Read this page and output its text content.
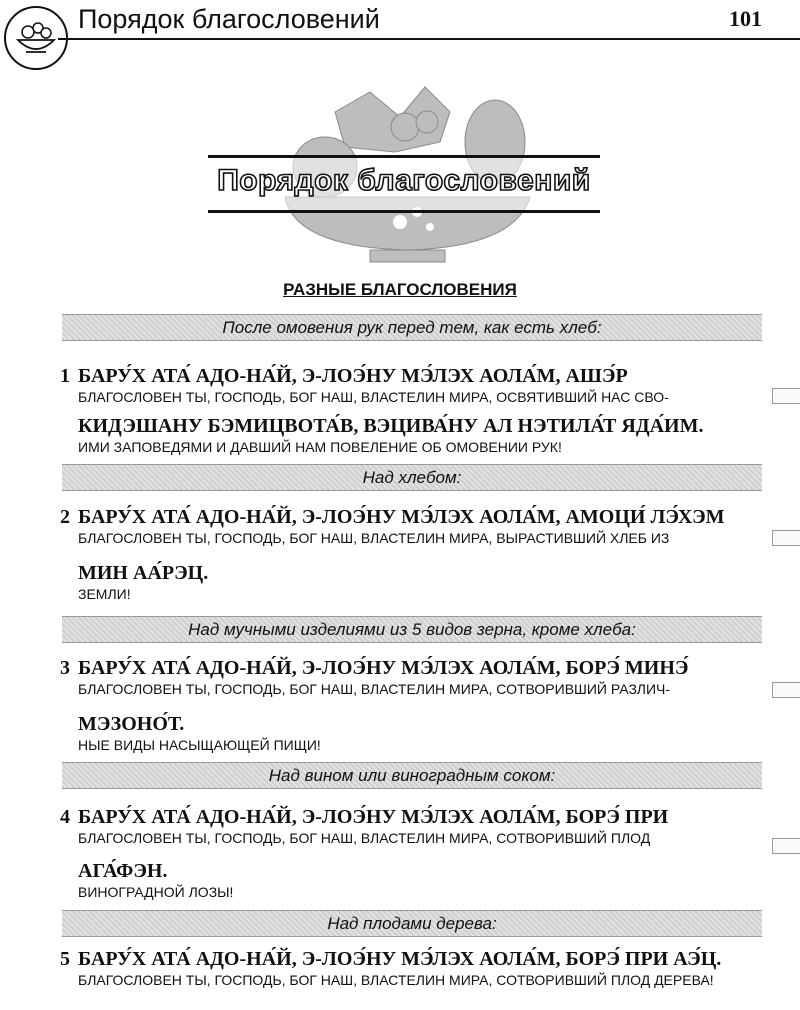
Порядок благословений	101
Порядок благословений
РАЗНЫЕ БЛАГОСЛОВЕНИЯ
После омовения рук перед тем, как есть хлеб:
1 БАРУ́Х АТА́ АДО-НА́Й, Э-ЛОЭ́НУ МЭ́ЛЭХ АОЛА́М, АШЭ́Р
БЛАГОСЛОВЕН ТЫ, ГОСПОДЬ, БОГ НАШ, ВЛАСТЕЛИН МИРА, ОСВЯТИВШИЙ НАС СВО-
КИДЭШАНУ БЭМИЦВОТА́В, ВЭЦИВА́НУ АЛ НЭТИЛА́Т ЯДА́ИМ.
ИМИ ЗАПОВЕДЯМИ И ДАВШИЙ НАМ ПОВЕЛЕНИЕ ОБ ОМОВЕНИИ РУК!
Над хлебом:
2 БАРУ́Х АТА́ АДО-НА́Й, Э-ЛОЭ́НУ МЭ́ЛЭХ АОЛА́М, АМОЦИ́ ЛЭ́ХЭМ
БЛАГОСЛОВЕН ТЫ, ГОСПОДЬ, БОГ НАШ, ВЛАСТЕЛИН МИРА, ВЫРАСТИВШИЙ ХЛЕБ ИЗ
МИН АА́РЭЦ.
ЗЕМЛИ!
Над мучными изделиями из 5 видов зерна, кроме хлеба:
3 БАРУ́Х АТА́ АДО-НА́Й, Э-ЛОЭ́НУ МЭ́ЛЭХ АОЛА́М, БОРЭ́ МИНЭ́
БЛАГОСЛОВЕН ТЫ, ГОСПОДЬ, БОГ НАШ, ВЛАСТЕЛИН МИРА, СОТВОРИВШИЙ РАЗЛИЧ-
МЭЗОНО́Т.
НЫЕ ВИДЫ НАСЫЩАЮЩЕЙ ПИЩИ!
Над вином или виноградным соком:
4 БАРУ́Х АТА́ АДО-НА́Й, Э-ЛОЭ́НУ МЭ́ЛЭХ АОЛА́М, БОРЭ́ ПРИ
БЛАГОСЛОВЕН ТЫ, ГОСПОДЬ, БОГ НАШ, ВЛАСТЕЛИН МИРА, СОТВОРИВШИЙ ПЛОД
АГА́ФЭН.
ВИНОГРАДНОЙ ЛОЗЫ!
Над плодами дерева:
5 БАРУ́Х АТА́ АДО-НА́Й, Э-ЛОЭ́НУ МЭ́ЛЭХ АОЛА́М, БОРЭ́ ПРИ АЭ́Ц.
БЛАГОСЛОВЕН ТЫ, ГОСПОДЬ, БОГ НАШ, ВЛАСТЕЛИН МИРА, СОТВОРИВШИЙ ПЛОД ДЕРЕВА!
